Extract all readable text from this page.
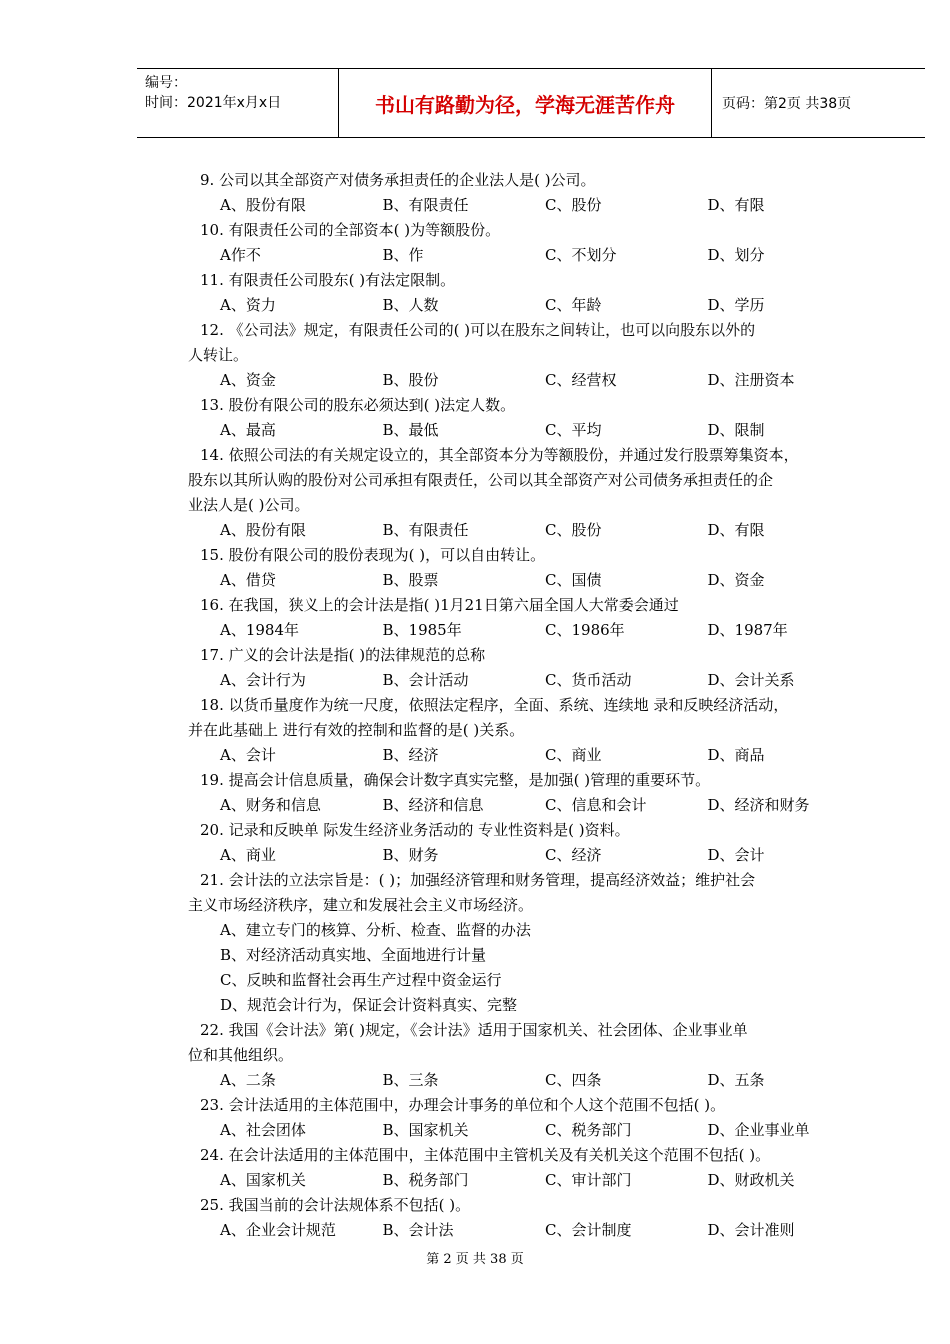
编号：
时间：2021年x月x日	书山有路勤为径，学海无涯苦作舟	页码：第2页 共38页
9. 公司以其全部资产对债务承担责任的企业法人是( )公司。
A、股份有限	B、有限责任	C、股份	D、有限
10. 有限责任公司的全部资本( )为等额股份。
A作不	B、作	C、不划分	D、划分
11. 有限责任公司股东( )有法定限制。
A、资力	B、人数	C、年龄	D、学历
12. 《公司法》规定，有限责任公司的( )可以在股东之间转让，也可以向股东以外的
人转让。
A、资金	B、股份	C、经营权	D、注册资本
13. 股份有限公司的股东必须达到( )法定人数。
A、最高	B、最低	C、平均	D、限制
14. 依照公司法的有关规定设立的，其全部资本分为等额股份，并通过发行股票筹集资本，
股东以其所认购的股份对公司承担有限责任，公司以其全部资产对公司债务承担责任的企
业法人是( )公司。
A、股份有限	B、有限责任	C、股份	D、有限
15. 股份有限公司的股份表现为( )，可以自由转让。
A、借贷	B、股票	C、国债	D、资金
16. 在我国，狭义上的会计法是指( )1月21日第六届全国人大常委会通过
A、1984年	B、1985年	C、1986年	D、1987年
17. 广义的会计法是指( )的法律规范的总称
A、会计行为	B、会计活动	C、货币活动	D、会计关系
18. 以货币量度作为统一尺度，依照法定程序，全面、系统、连续地 录和反映经济活动，
并在此基础上 进行有效的控制和监督的是( )关系。
A、会计	B、经济	C、商业	D、商品
19. 提高会计信息质量，确保会计数字真实完整，是加强( )管理的重要环节。
A、财务和信息	B、经济和信息	C、信息和会计	D、经济和财务
20. 记录和反映单 际发生经济业务活动的 专业性资料是( )资料。
A、商业	B、财务	C、经济	D、会计
21. 会计法的立法宗旨是：( )；加强经济管理和财务管理，提高经济效益；维护社会
主义市场经济秩序，建立和发展社会主义市场经济。
A、建立专门的核算、分析、检查、监督的办法
B、对经济活动真实地、全面地进行计量
C、反映和监督社会再生产过程中资金运行
D、规范会计行为，保证会计资料真实、完整
22. 我国《会计法》第( )规定，《会计法》适用于国家机关、社会团体、企业事业单
位和其他组织。
A、二条	B、三条	C、四条	D、五条
23. 会计法适用的主体范围中，办理会计事务的单位和个人这个范围不包括( )。
A、社会团体	B、国家机关	C、税务部门	D、企业事业单
24. 在会计法适用的主体范围中，主体范围中主管机关及有关机关这个范围不包括( )。
A、国家机关	B、税务部门	C、审计部门	D、财政机关
25. 我国当前的会计法规体系不包括( )。
A、企业会计规范	B、会计法	C、会计制度	D、会计准则
第 2 页 共 38 页
